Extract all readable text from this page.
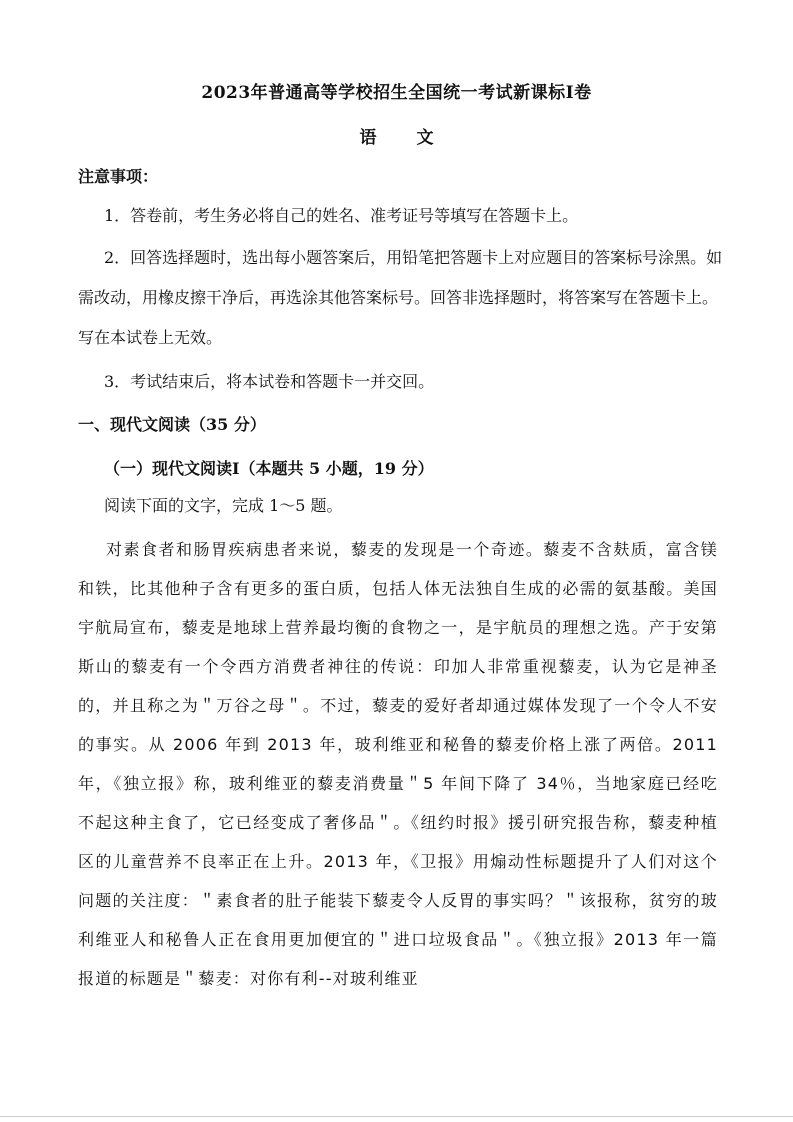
2023年普通高等学校招生全国统一考试新课标Ⅰ卷
语文
注意事项：
1．答卷前，考生务必将自己的姓名、准考证号等填写在答题卡上。
2．回答选择题时，选出每小题答案后，用铅笔把答题卡上对应题目的答案标号涂黑。如需改动，用橡皮擦干净后，再选涂其他答案标号。回答非选择题时，将答案写在答题卡上。写在本试卷上无效。
3．考试结束后，将本试卷和答题卡一并交回。
一、现代文阅读（35 分）
（一）现代文阅读Ⅰ（本题共 5 小题，19 分）
阅读下面的文字，完成 1～5 题。
对素食者和肠胃疾病患者来说，藜麦的发现是一个奇迹。藜麦不含麸质，富含镁和铁，比其他种子含有更多的蛋白质，包括人体无法独自生成的必需的氨基酸。美国宇航局宣布，藜麦是地球上营养最均衡的食物之一，是宇航员的理想之选。产于安第斯山的藜麦有一个令西方消费者神往的传说：印加人非常重视藜麦，认为它是神圣的，并且称之为＂万谷之母＂。不过，藜麦的爱好者却通过媒体发现了一个令人不安的事实。从 2006 年到 2013 年，玻利维亚和秘鲁的藜麦价格上涨了两倍。2011 年，《独立报》称，玻利维亚的藜麦消费量＂5 年间下降了 34％，当地家庭已经吃不起这种主食了，它已经变成了奢侈品＂。《纽约时报》援引研究报告称，藜麦种植区的儿童营养不良率正在上升。2013 年，《卫报》用煽动性标题提升了人们对这个问题的关注度：＂素食者的肚子能装下藜麦令人反胃的事实吗？＂该报称，贫穷的玻利维亚人和秘鲁人正在食用更加便宜的＂进口垃圾食品＂。《独立报》2013 年一篇报道的标题是＂藜麦：对你有利--对玻利维亚
